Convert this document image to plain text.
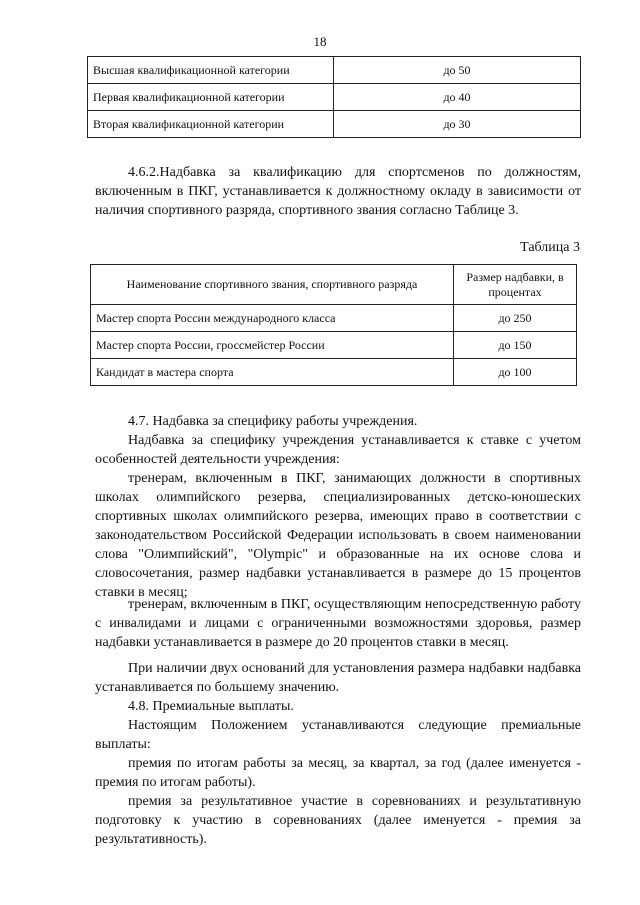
18
Высшая квалификационной категории	до 50
Первая квалификационной категории	до 40
Вторая квалификационной категории	до 30
4.6.2.Надбавка за квалификацию для спортсменов по должностям, включенным в ПКГ, устанавливается к должностному окладу в зависимости от наличия спортивного разряда, спортивного звания согласно Таблице 3.
Таблица 3
Наименование спортивного звания, спортивного разряда	Размер надбавки, в процентах
Мастер спорта России международного класса	до 250
Мастер спорта России, гроссмейстер России	до 150
Кандидат в мастера спорта	до 100
4.7. Надбавка за специфику работы учреждения.
Надбавка за специфику учреждения устанавливается к ставке с учетом особенностей деятельности учреждения:
тренерам, включенным в ПКГ, занимающих должности в спортивных школах олимпийского резерва, специализированных детско-юношеских спортивных школах олимпийского резерва, имеющих право в соответствии с законодательством Российской Федерации использовать в своем наименовании слова "Олимпийский", "Olympic" и образованные на их основе слова и словосочетания, размер надбавки устанавливается в размере до 15 процентов ставки в месяц;
тренерам, включенным в ПКГ, осуществляющим непосредственную работу с инвалидами и лицами с ограниченными возможностями здоровья, размер надбавки устанавливается в размере до 20 процентов ставки в месяц.
При наличии двух оснований для установления размера надбавки надбавка устанавливается по большему значению.
4.8. Премиальные выплаты.
Настоящим Положением устанавливаются следующие премиальные выплаты:
премия по итогам работы за месяц, за квартал, за год (далее именуется - премия по итогам работы).
премия за результативное участие в соревнованиях и результативную подготовку к участию в соревнованиях (далее именуется - премия за результативность).
